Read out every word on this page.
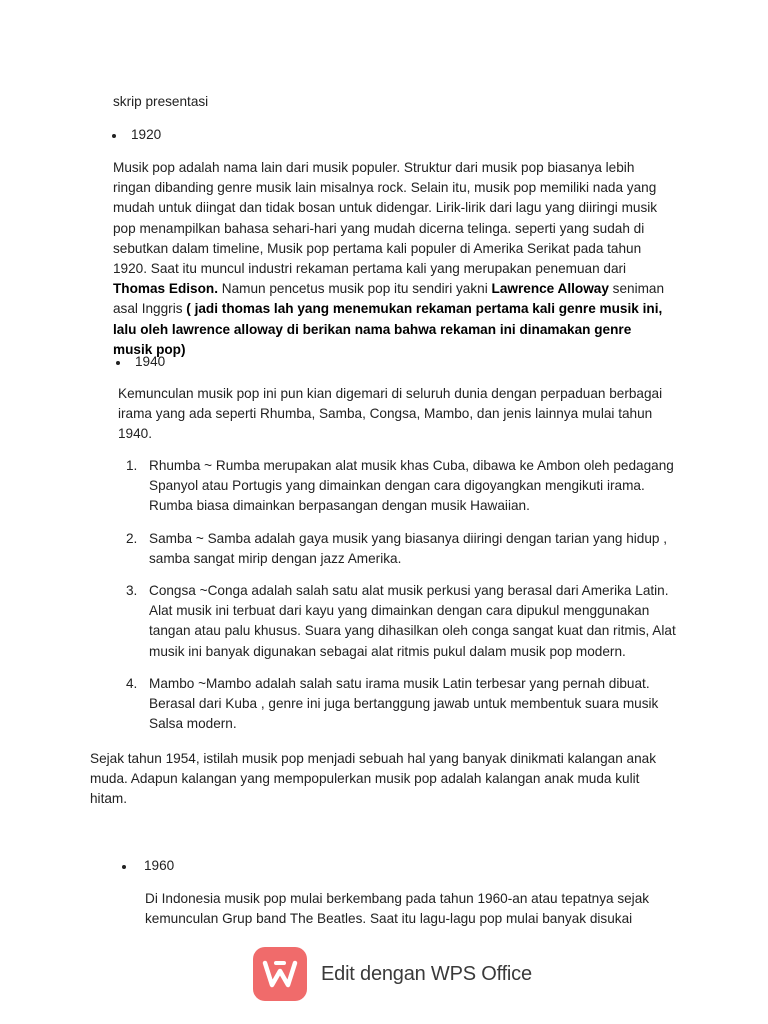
skrip presentasi

1920

Musik pop adalah nama lain dari musik populer. Struktur dari musik pop biasanya lebih ringan dibanding genre musik lain misalnya rock. Selain itu, musik pop memiliki nada yang mudah untuk diingat dan tidak bosan untuk didengar. Lirik-lirik dari lagu yang diiringi musik pop menampilkan bahasa sehari-hari yang mudah dicerna telinga. seperti yang sudah di sebutkan dalam timeline, Musik pop pertama kali populer di Amerika Serikat pada tahun 1920. Saat itu muncul industri rekaman pertama kali yang merupakan penemuan dari Thomas Edison. Namun pencetus musik pop itu sendiri yakni Lawrence Alloway seniman asal Inggris ( jadi thomas lah yang menemukan rekaman pertama kali genre musik ini, lalu oleh lawrence alloway di berikan nama bahwa rekaman ini dinamakan genre musik pop)

1940

Kemunculan musik pop ini pun kian digemari di seluruh dunia dengan perpaduan berbagai irama yang ada seperti Rhumba, Samba, Congsa, Mambo, dan jenis lainnya mulai tahun 1940.

1. Rhumba ~ Rumba merupakan alat musik khas Cuba, dibawa ke Ambon oleh pedagang Spanyol atau Portugis yang dimainkan dengan cara digoyangkan mengikuti irama. Rumba biasa dimainkan berpasangan dengan musik Hawaiian.
2. Samba ~ Samba adalah gaya musik yang biasanya diiringi dengan tarian yang hidup , samba sangat mirip dengan jazz Amerika.
3. Congsa ~Conga adalah salah satu alat musik perkusi yang berasal dari Amerika Latin. Alat musik ini terbuat dari kayu yang dimainkan dengan cara dipukul menggunakan tangan atau palu khusus. Suara yang dihasilkan oleh conga sangat kuat dan ritmis, Alat musik ini banyak digunakan sebagai alat ritmis pukul dalam musik pop modern.
4. Mambo ~Mambo adalah salah satu irama musik Latin terbesar yang pernah dibuat. Berasal dari Kuba , genre ini juga bertanggung jawab untuk membentuk suara musik Salsa modern.

Sejak tahun 1954, istilah musik pop menjadi sebuah hal yang banyak dinikmati kalangan anak muda. Adapun kalangan yang mempopulerkan musik pop adalah kalangan anak muda kulit hitam.

1960

Di Indonesia musik pop mulai berkembang pada tahun 1960-an atau tepatnya sejak kemunculan Grup band The Beatles. Saat itu lagu-lagu pop mulai banyak disukai

Edit dengan WPS Office
